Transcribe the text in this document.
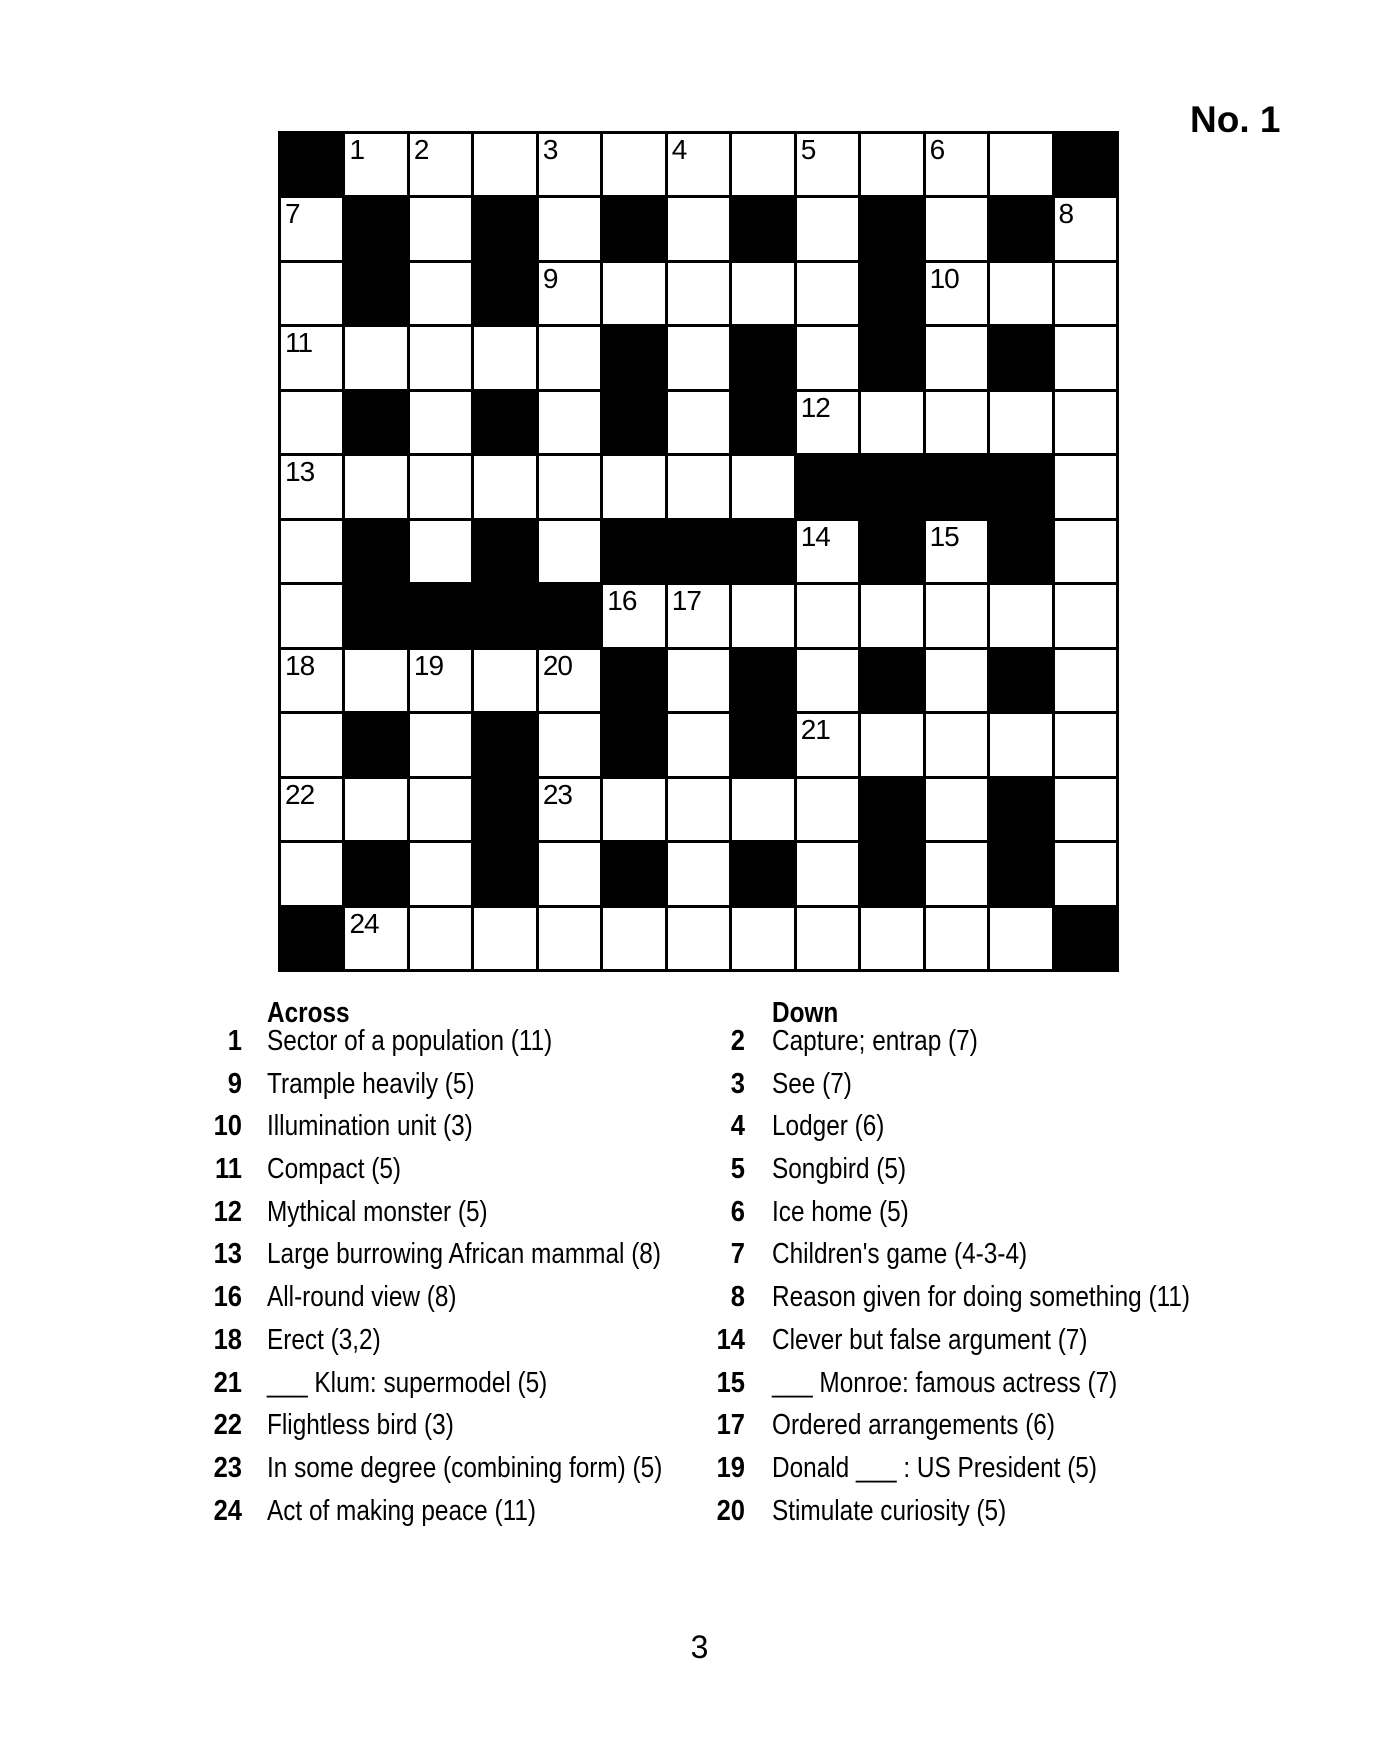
No. 1
1 2	3	4	5	6
7	8
9	10
11
12
13
14	15
16 17
18	19	20
21
22	23
24
Across
1 Sector of a population (11)
9 Trample heavily (5)
10 Illumination unit (3)
11 Compact (5)
12 Mythical monster (5)
13 Large burrowing African mammal (8)
16 All-round view (8)
18 Erect (3,2)
21 ___ Klum: supermodel (5)
22 Flightless bird (3)
23 In some degree (combining form) (5)
24 Act of making peace (11)
Down
2 Capture; entrap (7)
3 See (7)
4 Lodger (6)
5 Songbird (5)
6 Ice home (5)
7 Children's game (4-3-4)
8 Reason given for doing something (11)
14 Clever but false argument (7)
15 ___ Monroe: famous actress (7)
17 Ordered arrangements (6)
19 Donald ___ : US President (5)
20 Stimulate curiosity (5)
3
